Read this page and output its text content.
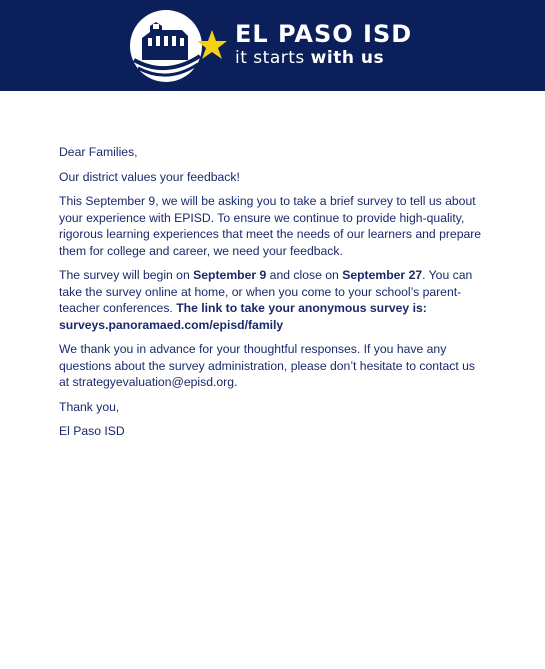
EL PASO ISD
it starts with us

Dear Families,

Our district values your feedback!

This September 9, we will be asking you to take a brief survey to tell us about your experience with EPISD. To ensure we continue to provide high-quality, rigorous learning experiences that meet the needs of our learners and prepare them for college and career, we need your feedback.

The survey will begin on September 9 and close on September 27. You can take the survey online at home, or when you come to your school’s parent-teacher conferences. The link to take your anonymous survey is: surveys.panoramaed.com/episd/family

We thank you in advance for your thoughtful responses. If you have any questions about the survey administration, please don’t hesitate to contact us at strategyevaluation@episd.org.

Thank you,

El Paso ISD
